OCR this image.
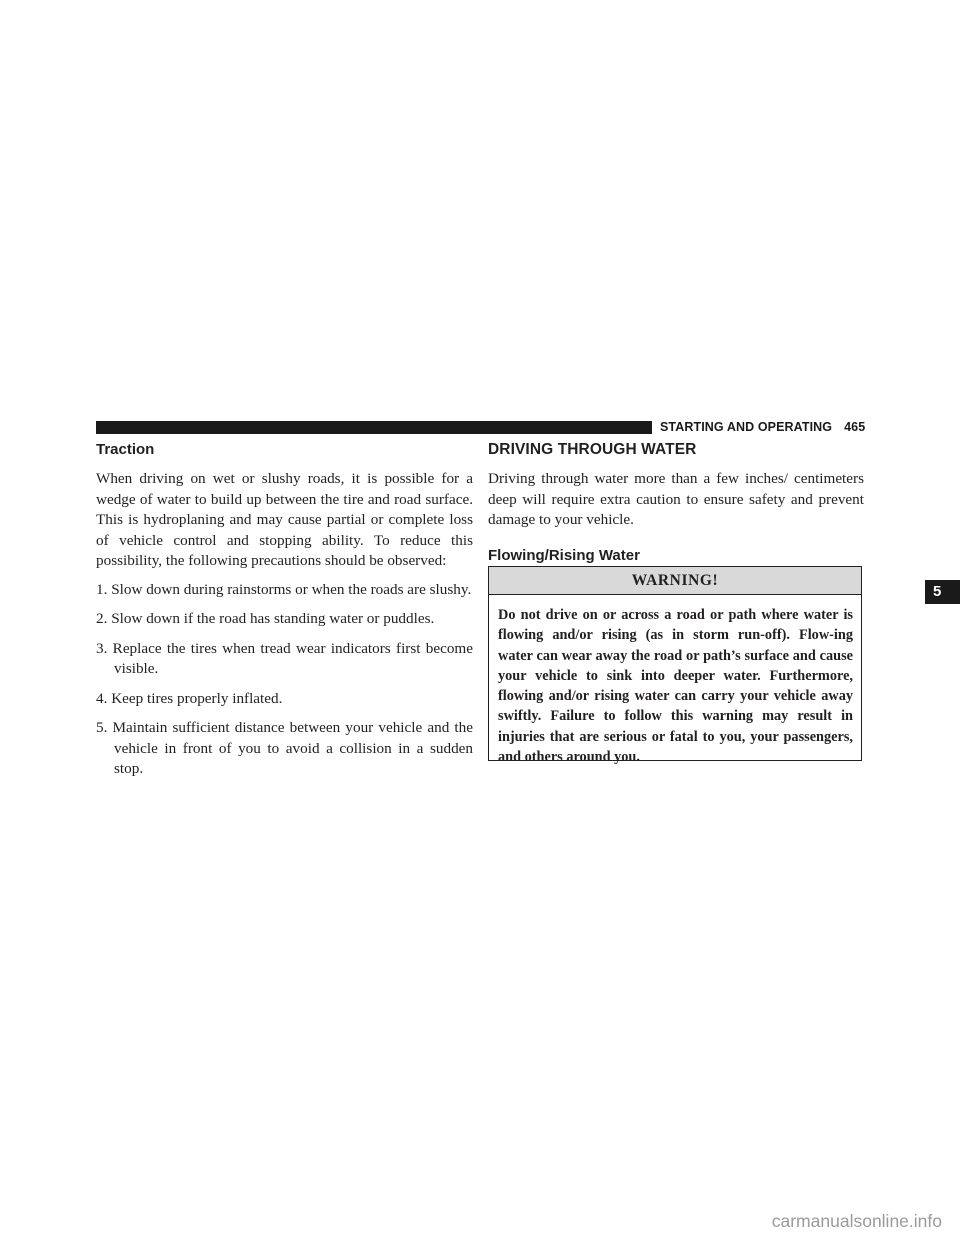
STARTING AND OPERATING 465
Traction

When driving on wet or slushy roads, it is possible for a wedge of water to build up between the tire and road surface. This is hydroplaning and may cause partial or complete loss of vehicle control and stopping ability. To reduce this possibility, the following precautions should be observed:

1. Slow down during rainstorms or when the roads are slushy.
2. Slow down if the road has standing water or puddles.
3. Replace the tires when tread wear indicators first become visible.
4. Keep tires properly inflated.
5. Maintain sufficient distance between your vehicle and the vehicle in front of you to avoid a collision in a sudden stop.
DRIVING THROUGH WATER

Driving through water more than a few inches/ centimeters deep will require extra caution to ensure safety and prevent damage to your vehicle.

Flowing/Rising Water
WARNING!
Do not drive on or across a road or path where water is flowing and/or rising (as in storm run-off). Flow-ing water can wear away the road or path’s surface and cause your vehicle to sink into deeper water. Furthermore, flowing and/or rising water can carry your vehicle away swiftly. Failure to follow this warning may result in injuries that are serious or fatal to you, your passengers, and others around you.
5
carmanualsonline.info
